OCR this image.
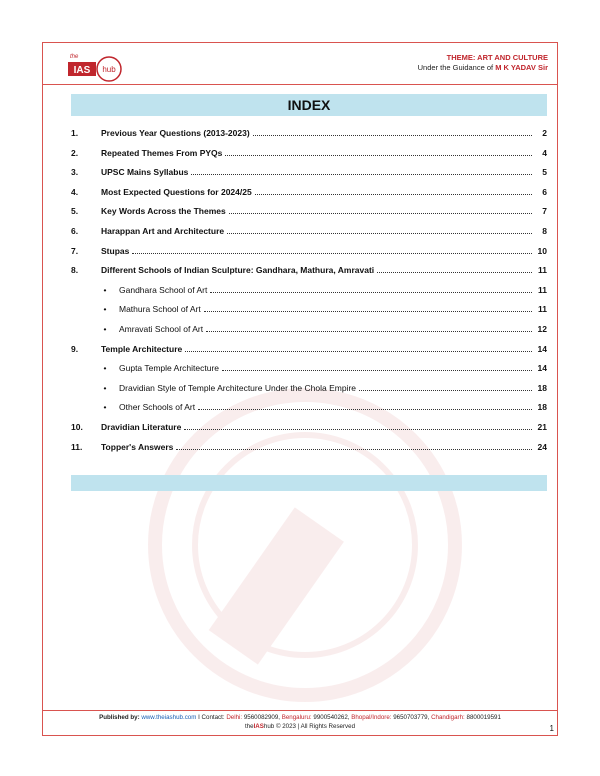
the
IAS hub
THEME: ART AND CULTURE
Under the Guidance of M K YADAV Sir
INDEX
1.	Previous Year Questions (2013-2023)	2
2.	Repeated Themes From PYQs	4
3.	UPSC Mains Syllabus	5
4.	Most Expected Questions for 2024/25	6
5.	Key Words Across the Themes	7
6.	Harappan Art and Architecture	8
7.	Stupas	10
8.	Different Schools of Indian Sculpture: Gandhara, Mathura, Amravati	11
•	Gandhara School of Art	11
•	Mathura School of Art	11
•	Amravati School of Art	12
9.	Temple Architecture	14
•	Gupta Temple Architecture	14
•	Dravidian Style of Temple Architecture Under the Chola Empire	18
•	Other Schools of Art	18
10.	Dravidian Literature	21
11.	Topper's Answers	24
Published by: www.theiashub.com I Contact: Delhi: 9560082909, Bengaluru: 9900540262, Bhopal/Indore: 9650703779, Chandigarh: 8800019591
theIAShub © 2023 | All Rights Reserved	1
